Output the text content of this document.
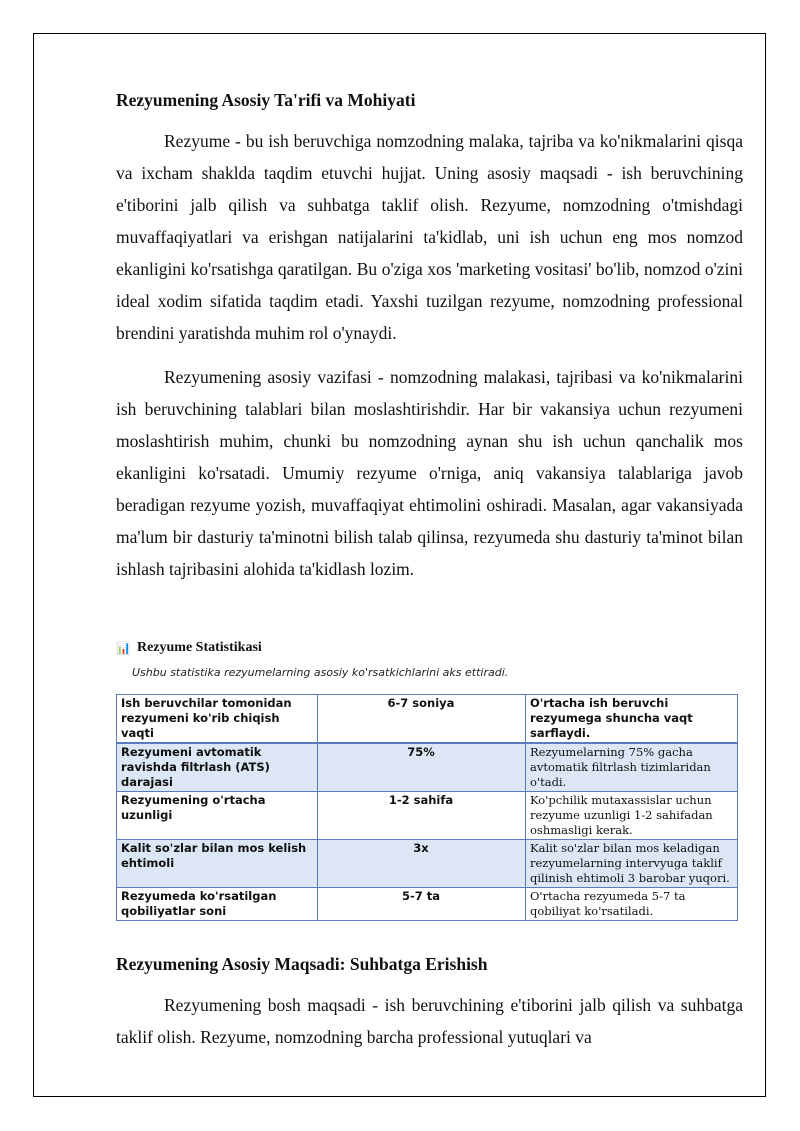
Rezyumening Asosiy Ta'rifi va Mohiyati

Rezyume - bu ish beruvchiga nomzodning malaka, tajriba va ko'nikmalarini qisqa va ixcham shaklda taqdim etuvchi hujjat. Uning asosiy maqsadi - ish beruvchining e'tiborini jalb qilish va suhbatga taklif olish. Rezyume, nomzodning o'tmishdagi muvaffaqiyatlari va erishgan natijalarini ta'kidlab, uni ish uchun eng mos nomzod ekanligini ko'rsatishga qaratilgan. Bu o'ziga xos 'marketing vositasi' bo'lib, nomzod o'zini ideal xodim sifatida taqdim etadi. Yaxshi tuzilgan rezyume, nomzodning professional brendini yaratishda muhim rol o'ynaydi.

Rezyumening asosiy vazifasi - nomzodning malakasi, tajribasi va ko'nikmalarini ish beruvchining talablari bilan moslashtirishdir. Har bir vakansiya uchun rezyumeni moslashtirish muhim, chunki bu nomzodning aynan shu ish uchun qanchalik mos ekanligini ko'rsatadi. Umumiy rezyume o'rniga, aniq vakansiya talablariga javob beradigan rezyume yozish, muvaffaqiyat ehtimolini oshiradi. Masalan, agar vakansiyada ma'lum bir dasturiy ta'minotni bilish talab qilinsa, rezyumeda shu dasturiy ta'minot bilan ishlash tajribasini alohida ta'kidlash lozim.

📊 Rezyume Statistikasi
Ushbu statistika rezyumelarning asosiy ko'rsatkichlarini aks ettiradi.
Ish beruvchilar tomonidan rezyumeni ko'rib chiqish vaqti	6-7 soniya	O'rtacha ish beruvchi rezyumega shuncha vaqt sarflaydi.
Rezyumeni avtomatik ravishda filtrlash (ATS) darajasi	75%	Rezyumelarning 75% gacha avtomatik filtrlash tizimlaridan o'tadi.
Rezyumening o'rtacha uzunligi	1-2 sahifa	Ko'pchilik mutaxassislar uchun rezyume uzunligi 1-2 sahifadan oshmasligi kerak.
Kalit so'zlar bilan mos kelish ehtimoli	3x	Kalit so'zlar bilan mos keladigan rezyumelarning intervyuga taklif qilinish ehtimoli 3 barobar yuqori.
Rezyumeda ko'rsatilgan qobiliyatlar soni	5-7 ta	O'rtacha rezyumeda 5-7 ta qobiliyat ko'rsatiladi.
Rezyumening Asosiy Maqsadi: Suhbatga Erishish

Rezyumening bosh maqsadi - ish beruvchining e'tiborini jalb qilish va suhbatga taklif olish. Rezyume, nomzodning barcha professional yutuqlari va
